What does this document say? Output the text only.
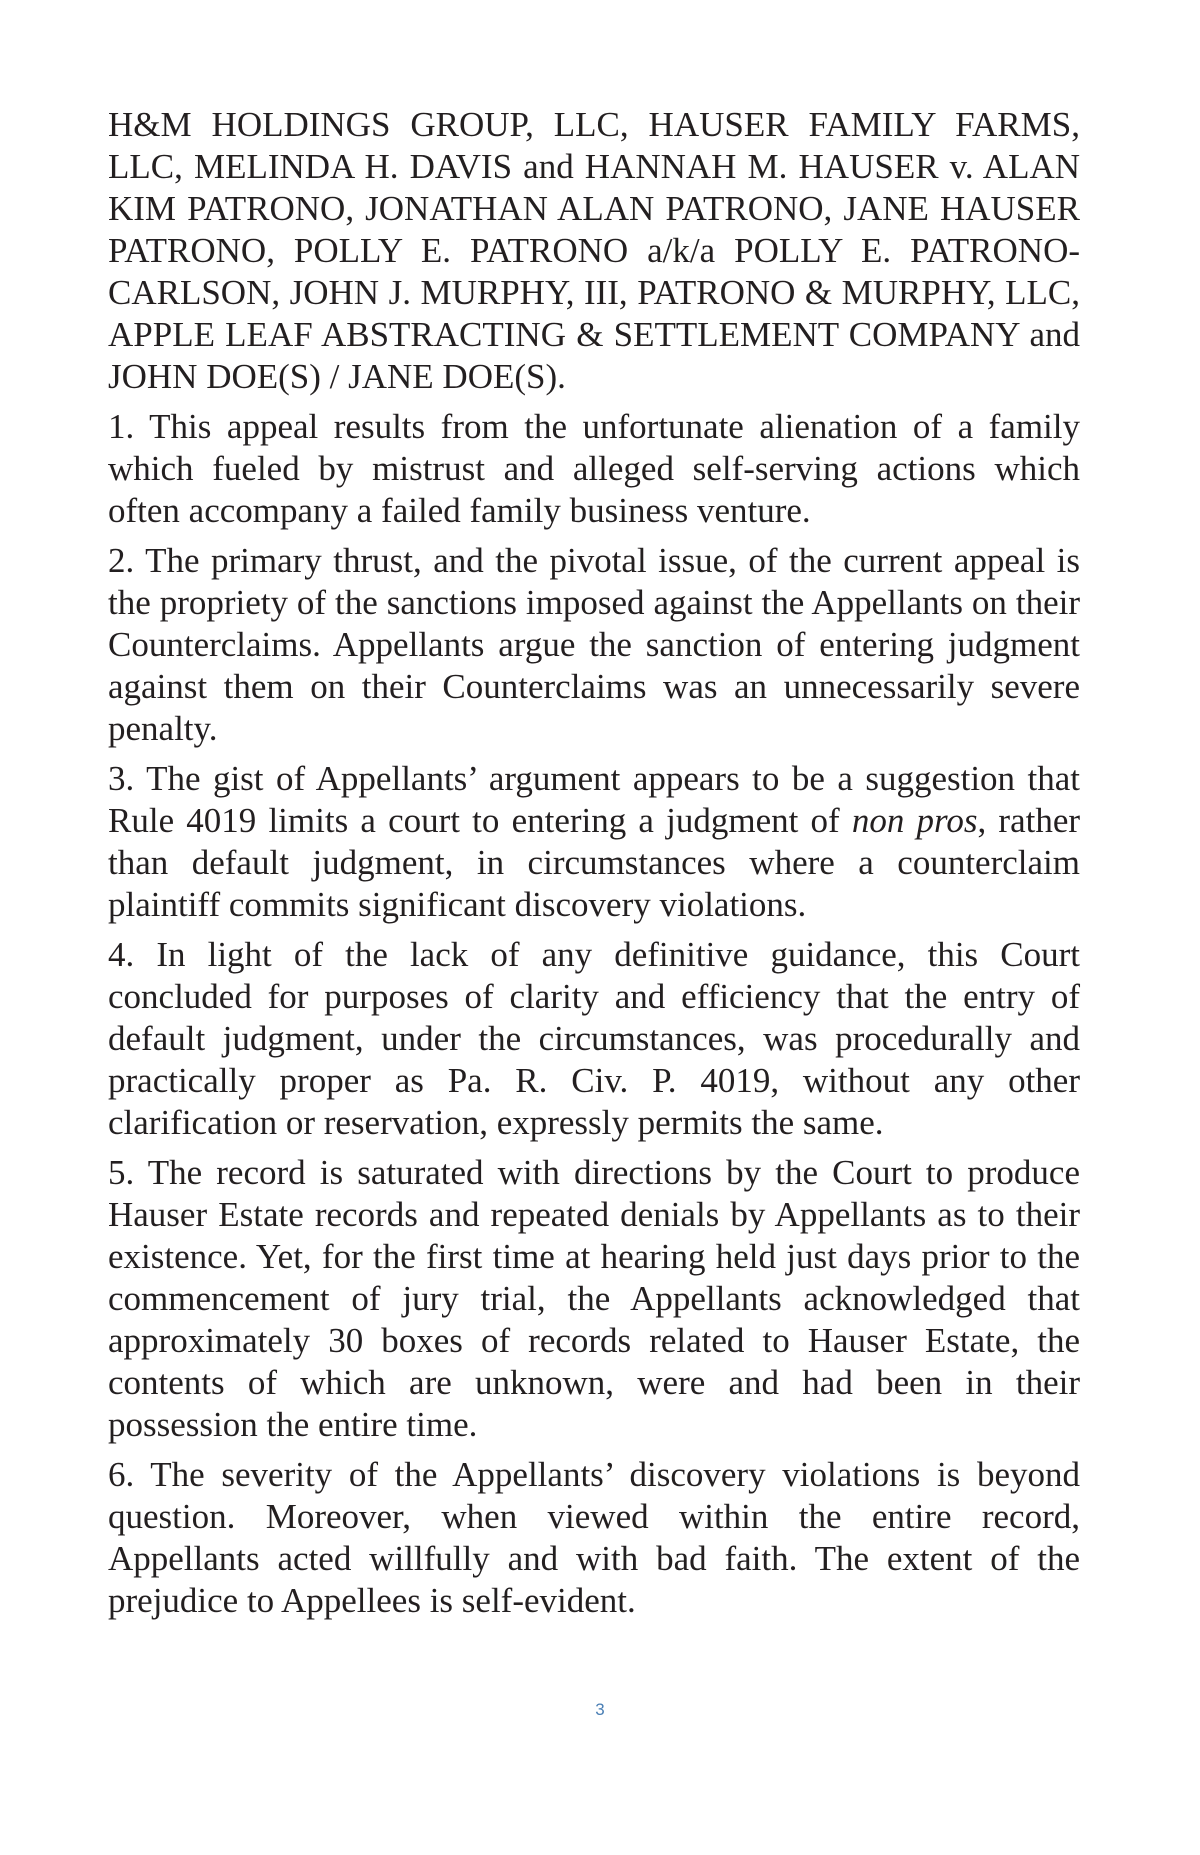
H&M HOLDINGS GROUP, LLC, HAUSER FAMILY FARMS, LLC, MELINDA H. DAVIS and HANNAH M. HAUSER v. ALAN KIM PATRONO, JONATHAN ALAN PATRONO, JANE HAUSER PATRONO, POLLY E. PATRONO a/k/a POLLY E. PATRONO-CARLSON, JOHN J. MURPHY, III, PATRONO & MURPHY, LLC, APPLE LEAF ABSTRACTING & SETTLEMENT COMPANY and JOHN DOE(S) / JANE DOE(S).

1. This appeal results from the unfortunate alienation of a family which fueled by mistrust and alleged self-serving actions which often accompany a failed family business venture.

2. The primary thrust, and the pivotal issue, of the current appeal is the propriety of the sanctions imposed against the Appellants on their Counterclaims. Appellants argue the sanction of entering judgment against them on their Counterclaims was an unnecessarily severe penalty.

3. The gist of Appellants’ argument appears to be a suggestion that Rule 4019 limits a court to entering a judgment of non pros, rather than default judgment, in circumstances where a counterclaim plaintiff commits significant discovery violations.

4. In light of the lack of any definitive guidance, this Court concluded for purposes of clarity and efficiency that the entry of default judgment, under the circumstances, was procedurally and practically proper as Pa. R. Civ. P. 4019, without any other clarification or reservation, expressly permits the same.

5. The record is saturated with directions by the Court to produce Hauser Estate records and repeated denials by Appellants as to their existence. Yet, for the first time at hearing held just days prior to the commencement of jury trial, the Appellants acknowledged that approximately 30 boxes of records related to Hauser Estate, the contents of which are unknown, were and had been in their possession the entire time.

6. The severity of the Appellants’ discovery violations is beyond question. Moreover, when viewed within the entire record, Appellants acted willfully and with bad faith. The extent of the prejudice to Appellees is self-evident.

3
